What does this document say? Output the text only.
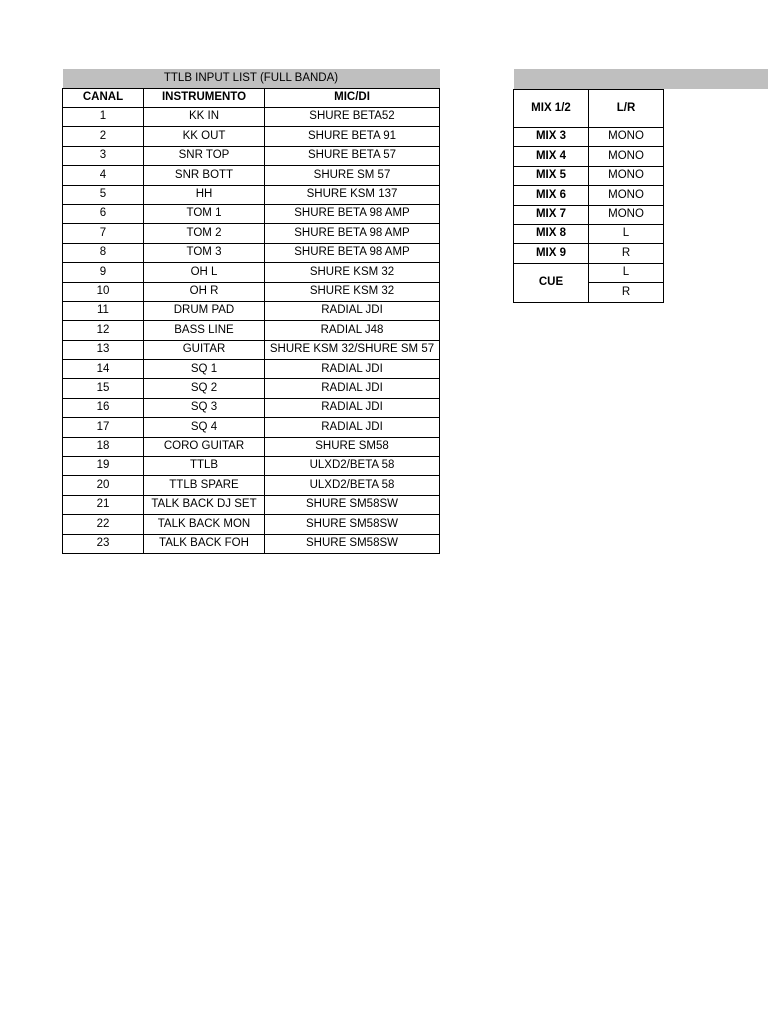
TTLB INPUT LIST (FULL BANDA)		
CANAL	INSTRUMENTO	MIC/DI
1	KK IN	SHURE BETA52
2	KK OUT	SHURE BETA 91
3	SNR TOP	SHURE BETA 57
4	SNR BOTT	SHURE SM 57
5	HH	SHURE KSM 137
6	TOM 1	SHURE BETA 98 AMP
7	TOM 2	SHURE BETA 98 AMP
8	TOM 3	SHURE BETA 98 AMP
9	OH L	SHURE KSM 32
10	OH R	SHURE KSM 32
11	DRUM PAD	RADIAL JDI
12	BASS LINE	RADIAL J48
13	GUITAR	SHURE KSM 32/SHURE SM 57
14	SQ 1	RADIAL JDI
15	SQ 2	RADIAL JDI
16	SQ 3	RADIAL JDI
17	SQ 4	RADIAL JDI
18	CORO GUITAR	SHURE SM58
19	TTLB	ULXD2/BETA 58
20	TTLB SPARE	ULXD2/BETA 58
21	TALK BACK DJ SET	SHURE SM58SW
22	TALK BACK MON	SHURE SM58SW
23	TALK BACK FOH	SHURE SM58SW
MIX 1/2	L/R
MIX 3	MONO
MIX 4	MONO
MIX 5	MONO
MIX 6	MONO
MIX 7	MONO
MIX 8	L
MIX 9	R
CUE	L
	R
